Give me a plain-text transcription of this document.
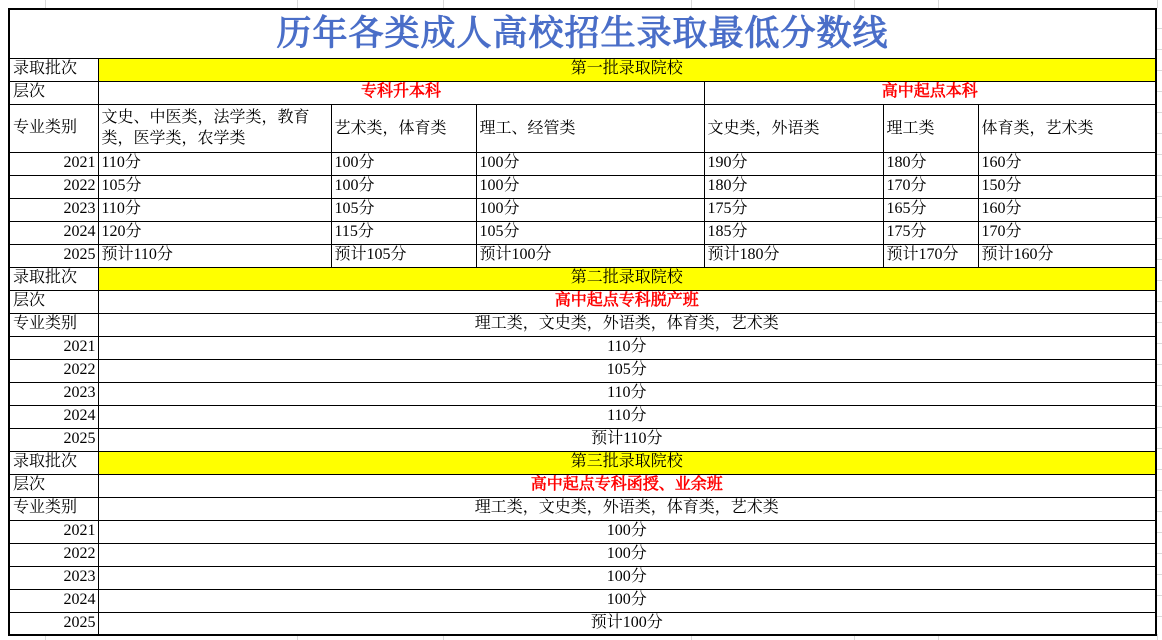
历年各类成人高校招生录取最低分数线						
录取批次	第一批录取院校					
层次	专科升本科			高中起点本科		
专业类别	文史、中医类，法学类，教育类，医学类，农学类	艺术类，体育类	理工、经管类	文史类，外语类	理工类	体育类，艺术类
2021	110分	100分	100分	190分	180分	160分
2022	105分	100分	100分	180分	170分	150分
2023	110分	105分	100分	175分	165分	160分
2024	120分	115分	105分	185分	175分	170分
2025	预计110分	预计105分	预计100分	预计180分	预计170分	预计160分
录取批次	第二批录取院校					
层次	高中起点专科脱产班					
专业类别	理工类，文史类，外语类，体育类，艺术类					
2021	110分					
2022	105分					
2023	110分					
2024	110分					
2025	预计110分					
录取批次	第三批录取院校					
层次	高中起点专科函授、业余班					
专业类别	理工类，文史类，外语类，体育类，艺术类					
2021	100分					
2022	100分					
2023	100分					
2024	100分					
2025	预计100分					
